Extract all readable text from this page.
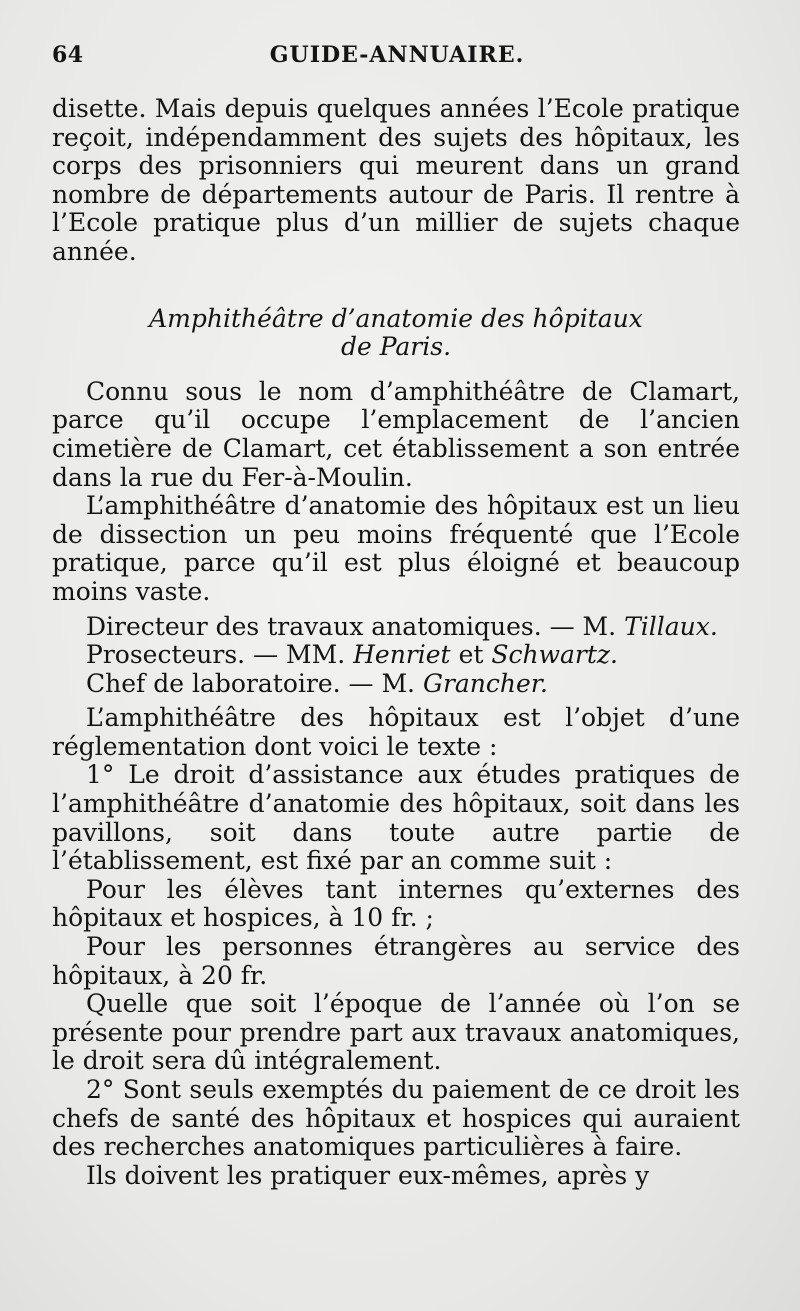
64	GUIDE-ANNUAIRE.

disette. Mais depuis quelques années l’Ecole pratique reçoit, indépendamment des sujets des hôpitaux, les corps des prisonniers qui meurent dans un grand nombre de départements autour de Paris. Il rentre à l’Ecole pratique plus d’un millier de sujets chaque année.

Amphithéâtre d’anatomie des hôpitaux
de Paris.

Connu sous le nom d’amphithéâtre de Clamart, parce qu’il occupe l’emplacement de l’ancien cimetière de Clamart, cet établissement a son entrée dans la rue du Fer-à-Moulin.

L’amphithéâtre d’anatomie des hôpitaux est un lieu de dissection un peu moins fréquenté que l’Ecole pratique, parce qu’il est plus éloigné et beaucoup moins vaste.

Directeur des travaux anatomiques. — M. Tillaux.

Prosecteurs. — MM. Henriet et Schwartz.

Chef de laboratoire. — M. Grancher.

L’amphithéâtre des hôpitaux est l’objet d’une réglementation dont voici le texte :

1° Le droit d’assistance aux études pratiques de l’amphithéâtre d’anatomie des hôpitaux, soit dans les pavillons, soit dans toute autre partie de l’établissement, est fixé par an comme suit :

Pour les élèves tant internes qu’externes des hôpitaux et hospices, à 10 fr. ;

Pour les personnes étrangères au service des hôpitaux, à 20 fr.

Quelle que soit l’époque de l’année où l’on se présente pour prendre part aux travaux anatomiques, le droit sera dû intégralement.

2° Sont seuls exemptés du paiement de ce droit les chefs de santé des hôpitaux et hospices qui auraient des recherches anatomiques particulières à faire.

Ils doivent les pratiquer eux-mêmes, après y
